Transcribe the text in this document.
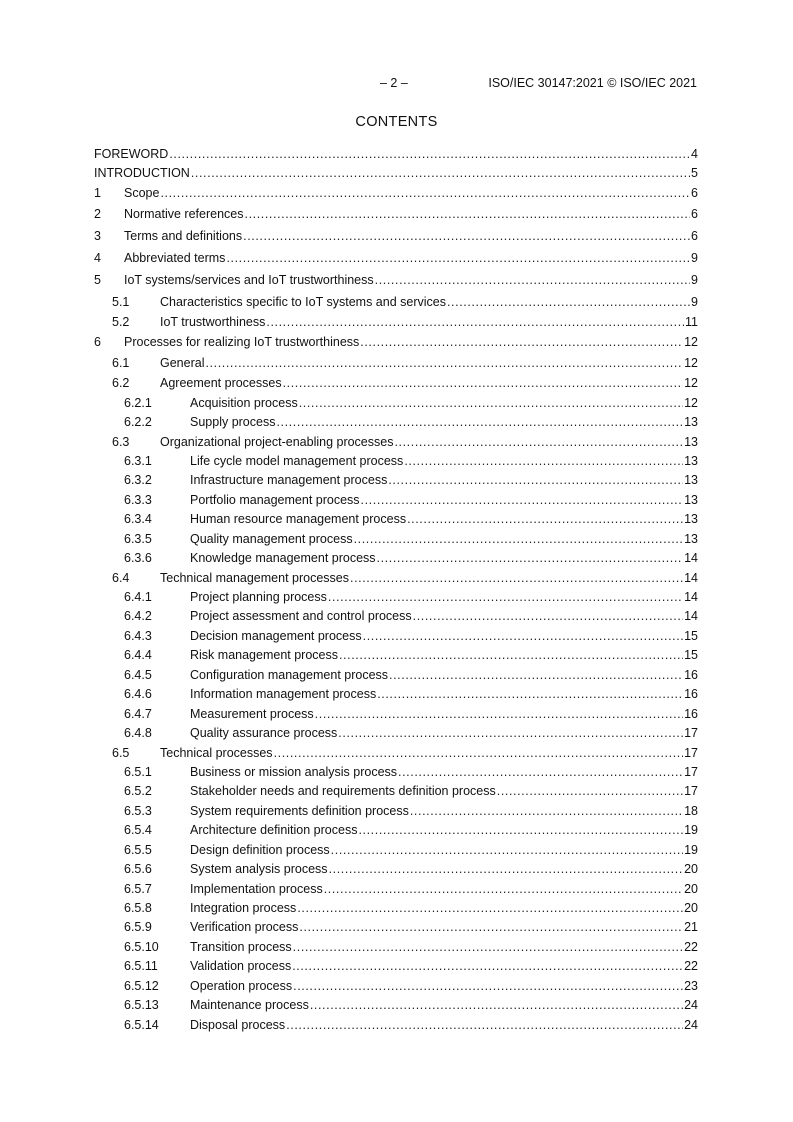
– 2 –	ISO/IEC 30147:2021 © ISO/IEC 2021
CONTENTS
FOREWORD .....	4
INTRODUCTION .....	5
1 Scope .....	6
2 Normative references .....	6
3 Terms and definitions .....	6
4 Abbreviated terms .....	9
5 IoT systems/services and IoT trustworthiness .....	9
5.1 Characteristics specific to IoT systems and services .....	9
5.2 IoT trustworthiness .....	11
6 Processes for realizing IoT trustworthiness .....	12
6.1 General .....	12
6.2 Agreement processes .....	12
6.2.1	Acquisition process .....	12
6.2.2	Supply process .....	13
6.3 Organizational project-enabling processes .....	13
6.3.1	Life cycle model management process .....	13
6.3.2	Infrastructure management process .....	13
6.3.3	Portfolio management process .....	13
6.3.4	Human resource management process .....	13
6.3.5	Quality management process .....	13
6.3.6	Knowledge management process .....	14
6.4 Technical management processes .....	14
6.4.1	Project planning process .....	14
6.4.2	Project assessment and control process .....	14
6.4.3	Decision management process .....	15
6.4.4	Risk management process .....	15
6.4.5	Configuration management process .....	16
6.4.6	Information management process .....	16
6.4.7	Measurement process .....	16
6.4.8	Quality assurance process .....	17
6.5 Technical processes .....	17
6.5.1	Business or mission analysis process .....	17
6.5.2	Stakeholder needs and requirements definition process .....	17
6.5.3	System requirements definition process .....	18
6.5.4	Architecture definition process .....	19
6.5.5	Design definition process .....	19
6.5.6	System analysis process .....	20
6.5.7	Implementation process .....	20
6.5.8	Integration process .....	20
6.5.9	Verification process .....	21
6.5.10 Transition process .....	22
6.5.11	Validation process .....	22
6.5.12 Operation process .....	23
6.5.13 Maintenance process .....	24
6.5.14 Disposal process .....	24
